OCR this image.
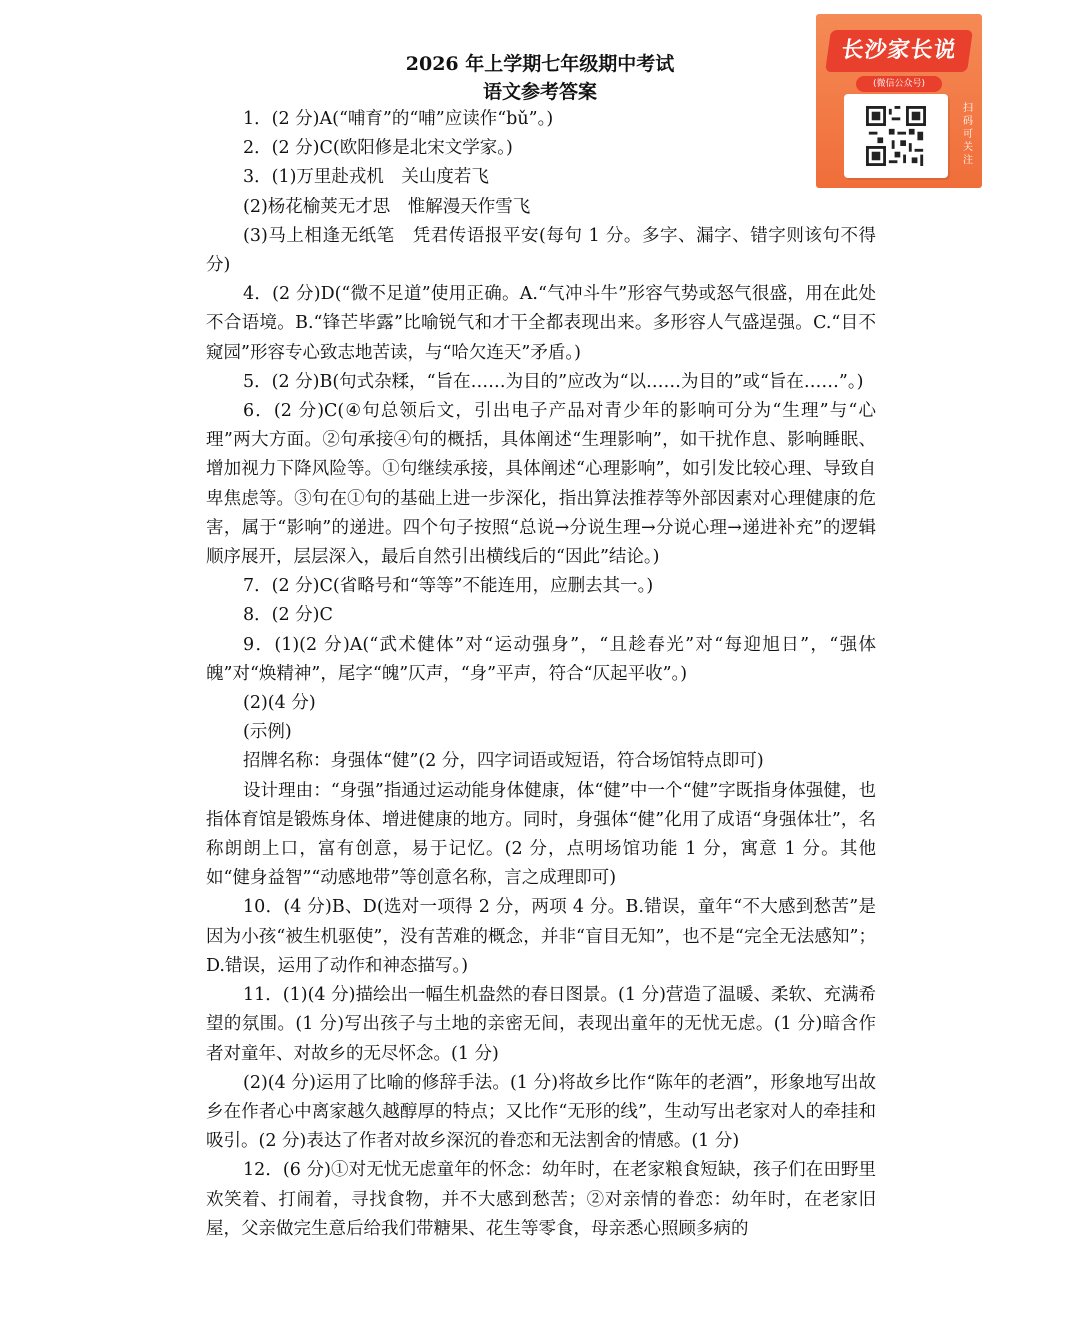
2026 年上学期七年级期中考试
语文参考答案
长沙家长说
(微信公众号)
扫码可关注

1．(2 分)A(“哺育”的“哺”应读作“bǔ”。)

2．(2 分)C(欧阳修是北宋文学家。)

3．(1)万里赴戎机　关山度若飞

(2)杨花榆荚无才思　惟解漫天作雪飞

(3)马上相逢无纸笔　凭君传语报平安(每句 1 分。多字、漏字、错字则该句不得分)

4．(2 分)D(“微不足道”使用正确。A.“气冲斗牛”形容气势或怒气很盛，用在此处不合语境。B.“锋芒毕露”比喻锐气和才干全都表现出来。多形容人气盛逞强。C.“目不窥园”形容专心致志地苦读，与“哈欠连天”矛盾。)

5．(2 分)B(句式杂糅，“旨在……为目的”应改为“以……为目的”或“旨在……”。)

6．(2 分)C(④句总领后文，引出电子产品对青少年的影响可分为“生理”与“心理”两大方面。②句承接④句的概括，具体阐述“生理影响”，如干扰作息、影响睡眠、增加视力下降风险等。①句继续承接，具体阐述“心理影响”，如引发比较心理、导致自卑焦虑等。③句在①句的基础上进一步深化，指出算法推荐等外部因素对心理健康的危害，属于“影响”的递进。四个句子按照“总说→分说生理→分说心理→递进补充”的逻辑顺序展开，层层深入，最后自然引出横线后的“因此”结论。)

7．(2 分)C(省略号和“等等”不能连用，应删去其一。)

8．(2 分)C

9．(1)(2 分)A(“武术健体”对“运动强身”，“且趁春光”对“每迎旭日”，“强体魄”对“焕精神”，尾字“魄”仄声，“身”平声，符合“仄起平收”。)

(2)(4 分)

(示例)

招牌名称：身强体“健”(2 分，四字词语或短语，符合场馆特点即可)

设计理由：“身强”指通过运动能身体健康，体“健”中一个“健”字既指身体强健，也指体育馆是锻炼身体、增进健康的地方。同时，身强体“健”化用了成语“身强体壮”，名称朗朗上口，富有创意，易于记忆。(2 分，点明场馆功能 1 分，寓意 1 分。其他如“健身益智”“动感地带”等创意名称，言之成理即可)

10．(4 分)B、D(选对一项得 2 分，两项 4 分。B.错误，童年“不大感到愁苦”是因为小孩“被生机驱使”，没有苦难的概念，并非“盲目无知”，也不是“完全无法感知”；D.错误，运用了动作和神态描写。)

11．(1)(4 分)描绘出一幅生机盎然的春日图景。(1 分)营造了温暖、柔软、充满希望的氛围。(1 分)写出孩子与土地的亲密无间，表现出童年的无忧无虑。(1 分)暗含作者对童年、对故乡的无尽怀念。(1 分)

(2)(4 分)运用了比喻的修辞手法。(1 分)将故乡比作“陈年的老酒”，形象地写出故乡在作者心中离家越久越醇厚的特点；又比作“无形的线”，生动写出老家对人的牵挂和吸引。(2 分)表达了作者对故乡深沉的眷恋和无法割舍的情感。(1 分)

12．(6 分)①对无忧无虑童年的怀念：幼年时，在老家粮食短缺，孩子们在田野里欢笑着、打闹着，寻找食物，并不大感到愁苦；②对亲情的眷恋：幼年时，在老家旧屋，父亲做完生意后给我们带糖果、花生等零食，母亲悉心照顾多病的
